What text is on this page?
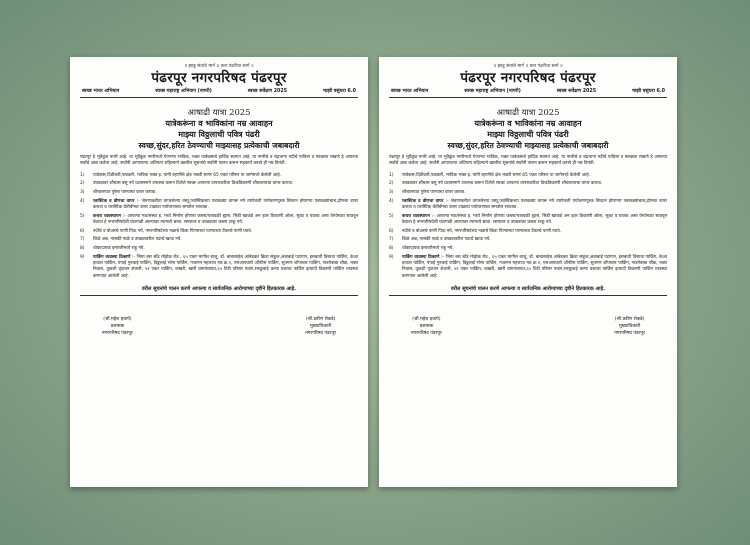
॥ झाडू संतांचे मार्ग ॥ करा पंढरीचा स्वर्ग ॥
पंढरपूर नगरपरिषद पंढरपूर
स्वच्छ भारत अभियान	स्वच्छ महाराष्ट्र अभियान (नागरी)	स्वच्छ सर्वेक्षण 2025	माझी वसुंधरा 6.0
आषाढी यात्रा 2025
यात्रेकरूंना व भाविकांना नम्र आवाहन
माझ्या विठ्ठलाची पवित्र पंढरी
स्वच्छ,सुंदर,हरित ठेवण्याची माझ्यासह प्रत्येकाची जबाबदारी
पंढरपूर हे भूवैकुंठ नगरी आहे. या भूवैकुंठ नगरीमध्ये येणाऱ्या भाविक, भक्त यात्रेकरूंचे हार्दिक स्वागत आहे. या नगरीचे व चंद्रभागा नदीचे पावित्र्य व स्वच्छता राखणे हे आपल्या सर्वांचे आद्य कर्तव्य आहे. सर्वांनी आपापल्या अधिपत्य राहिल्याने खालील सूचनांचे सर्वांनी पालन करून सहकार्य करावे ही नम्र विनंती.
1)	यात्रेकरू,दिंडीकरी,फडकरी, भाविक भक्त इ. यांनी रहाणीचे क्षेत्र भक्ती सागर 65 एकर परिसर या जागेमध्ये केलेली आहे.
2)	उघड्यावर शौचास बसू नये प्रशासनाने उपलब्ध करून दिलेले स्वच्छ आपल्या वापराकरिता ठिकठिकाणी शौचालयाचा वापर करावा.
3)	शौचालयात पुरेसा पाण्याचा वापर करावा.
4)	प्लास्टिक व डोणचा वापर :- जेवणाकरीता वापरलेल्या वस्तू,प्लास्टिकच्या पत्रावळ्या वापरू नये त्याऐवजी पर्यावरणपूरक विघटन होणाऱ्या पत्रावळ्यांचाच,द्रोणचा वापर करावा व प्लास्टिक कॅरीबॅगचा वापर टाळावा पर्यावरणाचा समतोल साधावा.
5)	कचरा व्यवस्थापन :- आपल्या मठ/संस्था इ. मध्ये निर्माण होणारा कचरा/पत्रावळी ह्यास, सिडी खाकडे अन इतर ठिकाणी ओला, सुका व घातक असा वेगवेगळा साठवून ठेवावा हे नगरपरिषदेची घंटागाडी आल्यावर त्यामध्ये द्यावा. रस्त्यावर व उघड्यावर कचरा टाकू नये.
6)	नदीचे व बोअरचे पाणी पिऊ नये, नगरपरिषदेच्या नळाचे किंवा पिण्याच्या पाण्याच्या टँकरचे पाणी प्यावे.
7)	शिळे अन्न, नासकी फळे व उघड्यावरील पदार्थ खाऊ नये.
8)	धोकादायक इमारतीमध्ये राहू नये.
9)	पार्किंग व्यवस्था ठिकाणे :- भिमा बस स्टँड मोहोळ रोड , ६५ एकर मागील बाजू, डॉ. बाबासाहेब आंबेडकर क्रिडा संकुल,अंबाबाई पटांगण, इसबावी विसावा पार्किंग, केआ हाऊस पार्किंग, पंपाई गुरुवाई पार्किंग, विठ्ठलाई भोगा पार्किंग, गजानन महाराज मठ क्र.२, एसआयवारो ऑफीस पार्किंग, सुतगण शॉपाचार पार्किंग, गाडगेबाबा चौक, भक्त निवास, तुळशी वृंदावन शेजारी, ५२ एकर पार्किंग, वाखरी, खारी ग्रामपंचायत,६५ टिडी परिसर पाडंग,सरकुवाई कन्या प्रशाला पार्किंग इत्यादी ठिकाणी पार्किंग व्यवस्था करण्यात आलेली आहे.
वरील सूचनांचे पालन करणे आपल्या व सार्वजनिक आरोग्याच्या दृष्टीने हितकारक आहे.
(श्री.महेश इथापे)
प्रशासक
नगरपरिषद पंढरपूर
(श्री.प्रवीण रोकडे)
मुख्याधिकारी
नगरपरिषद पंढरपूर
॥ झाडू संतांचे मार्ग ॥ करा पंढरीचा स्वर्ग ॥
पंढरपूर नगरपरिषद पंढरपूर
स्वच्छ भारत अभियान	स्वच्छ महाराष्ट्र अभियान (नागरी)	स्वच्छ सर्वेक्षण 2025	माझी वसुंधरा 6.0
आषाढी यात्रा 2025
यात्रेकरूंना व भाविकांना नम्र आवाहन
माझ्या विठ्ठलाची पवित्र पंढरी
स्वच्छ,सुंदर,हरित ठेवण्याची माझ्यासह प्रत्येकाची जबाबदारी
पंढरपूर हे भूवैकुंठ नगरी आहे. या भूवैकुंठ नगरीमध्ये येणाऱ्या भाविक, भक्त यात्रेकरूंचे हार्दिक स्वागत आहे. या नगरीचे व चंद्रभागा नदीचे पावित्र्य व स्वच्छता राखणे हे आपल्या सर्वांचे आद्य कर्तव्य आहे. सर्वांनी आपापल्या अधिपत्य राहिल्याने खालील सूचनांचे सर्वांनी पालन करून सहकार्य करावे ही नम्र विनंती.
1)	यात्रेकरू,दिंडीकरी,फडकरी, भाविक भक्त इ. यांनी रहाणीचे क्षेत्र भक्ती सागर 65 एकर परिसर या जागेमध्ये केलेली आहे.
2)	उघड्यावर शौचास बसू नये प्रशासनाने उपलब्ध करून दिलेले स्वच्छ आपल्या वापराकरिता ठिकठिकाणी शौचालयाचा वापर करावा.
3)	शौचालयात पुरेसा पाण्याचा वापर करावा.
4)	प्लास्टिक व डोणचा वापर :- जेवणाकरीता वापरलेल्या वस्तू,प्लास्टिकच्या पत्रावळ्या वापरू नये त्याऐवजी पर्यावरणपूरक विघटन होणाऱ्या पत्रावळ्यांचाच,द्रोणचा वापर करावा व प्लास्टिक कॅरीबॅगचा वापर टाळावा पर्यावरणाचा समतोल साधावा.
5)	कचरा व्यवस्थापन :- आपल्या मठ/संस्था इ. मध्ये निर्माण होणारा कचरा/पत्रावळी ह्यास, सिडी खाकडे अन इतर ठिकाणी ओला, सुका व घातक असा वेगवेगळा साठवून ठेवावा हे नगरपरिषदेची घंटागाडी आल्यावर त्यामध्ये द्यावा. रस्त्यावर व उघड्यावर कचरा टाकू नये.
6)	नदीचे व बोअरचे पाणी पिऊ नये, नगरपरिषदेच्या नळाचे किंवा पिण्याच्या पाण्याच्या टँकरचे पाणी प्यावे.
7)	शिळे अन्न, नासकी फळे व उघड्यावरील पदार्थ खाऊ नये.
8)	धोकादायक इमारतीमध्ये राहू नये.
9)	पार्किंग व्यवस्था ठिकाणे :- भिमा बस स्टँड मोहोळ रोड , ६५ एकर मागील बाजू, डॉ. बाबासाहेब आंबेडकर क्रिडा संकुल,अंबाबाई पटांगण, इसबावी विसावा पार्किंग, केआ हाऊस पार्किंग, पंपाई गुरुवाई पार्किंग, विठ्ठलाई भोगा पार्किंग, गजानन महाराज मठ क्र.२, एसआयवारो ऑफीस पार्किंग, सुतगण शॉपाचार पार्किंग, गाडगेबाबा चौक, भक्त निवास, तुळशी वृंदावन शेजारी, ५२ एकर पार्किंग, वाखरी, खारी ग्रामपंचायत,६५ टिडी परिसर पाडंग,सरकुवाई कन्या प्रशाला पार्किंग इत्यादी ठिकाणी पार्किंग व्यवस्था करण्यात आलेली आहे.
वरील सूचनांचे पालन करणे आपल्या व सार्वजनिक आरोग्याच्या दृष्टीने हितकारक आहे.
(श्री.महेश इथापे)
प्रशासक
नगरपरिषद पंढरपूर
(श्री.प्रवीण रोकडे)
मुख्याधिकारी
नगरपरिषद पंढरपूर
